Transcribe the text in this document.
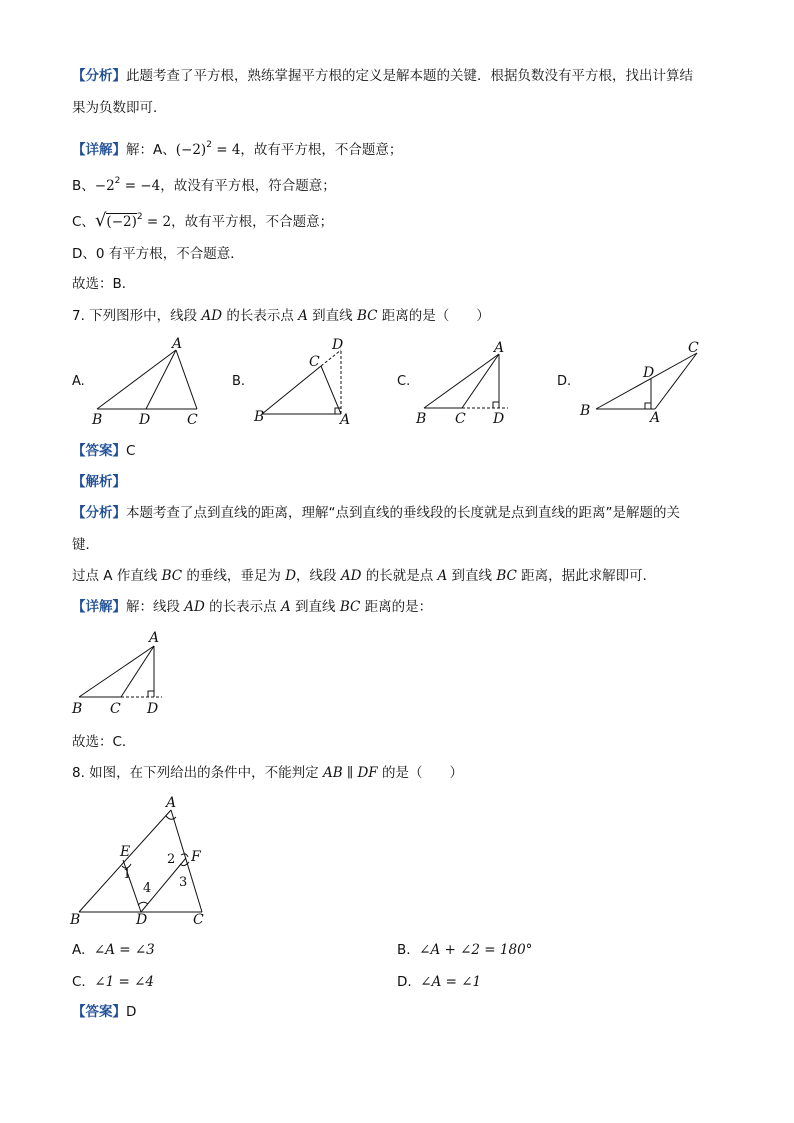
【分析】此题考查了平方根，熟练掌握平方根的定义是解本题的关键．根据负数没有平方根，找出计算结
果为负数即可．
【详解】解：A、$(-2)^2 = 4$，故有平方根，不合题意；
B、$-2^2 = -4$，故没有平方根，符合题意；
C、$√(-2)^2 = 2$，故有平方根，不合题意；
D、0 有平方根，不合题意．
故选：B．
7. 下列图形中，线段 AD 的长表示点 A 到直线 BC 距离的是（　　）
A.	B.	C.	D.
A
B	D	C
D
C
B	A
A
B C D
C
D
B	A
A
B C D
A
E	F
B	D	C
1
2
3
4
【答案】C
【解析】
【分析】本题考查了点到直线的距离，理解“点到直线的垂线段的长度就是点到直线的距离”是解题的关
键．
过点 A 作直线 BC 的垂线，垂足为 D，线段 AD 的长就是点 A 到直线 BC 距离，据此求解即可．
【详解】解：线段 AD 的长表示点 A 到直线 BC 距离的是：
故选：C．
8. 如图，在下列给出的条件中，不能判定 AB ∥ DF 的是（　　）
A. ∠A = ∠3	B. ∠A + ∠2 = 180°
C. ∠1 = ∠4	D. ∠A = ∠1
【答案】D
